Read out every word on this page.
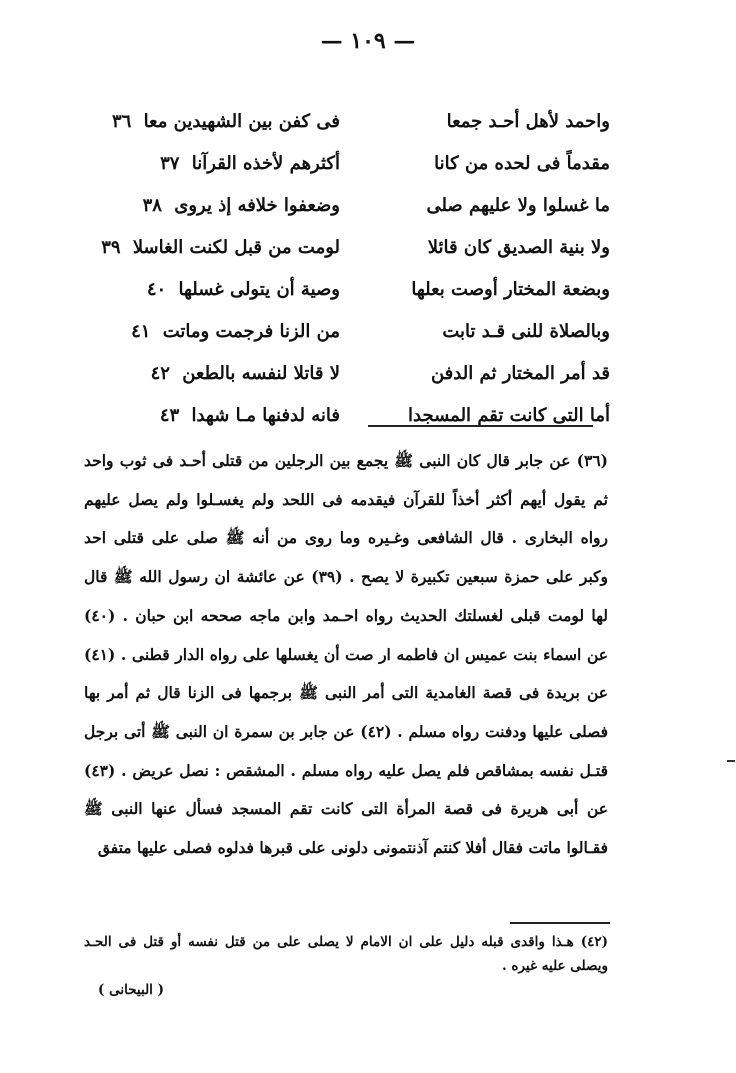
— ١٠٩ —
واحمد لأهل أحـد جمعا
فى كفن بين الشهيدين معا ٣٦
مقدماً فى لحده من كانا
أكثرهم لأخذه القرآنا ٣٧
ما غسلوا ولا عليهم صلى
وضعفوا خلافه إذ يروى ٣٨
ولا بنية الصديق كان قائلا
لومت من قبل لكنت الغاسلا ٣٩
وبضعة المختار أوصت بعلها
وصية أن يتولى غسلها ٤٠
وبالصلاة للنى قـد تابت
من الزنا فرجمت وماتت ٤١
قد أمر المختار ثم الدفن
لا قاتلا لنفسه بالطعن ٤٢
أما التى كانت تقم المسجدا
فانه لدفنها مـا شهدا ٤٣

(٣٦) عن جابر قال كان النبى ﷺ يجمع بين الرجلين من قتلى أحـد فى ثوب واحد ثم يقول أيهم أكثر أخذاً للقرآن فيقدمه فى اللحد ولم يغسـلوا ولم يصل عليهم رواه البخارى . قال الشافعى وغـيره وما روى من أنه ﷺ صلى على قتلى احد وكبر على حمزة سبعين تكبيرة لا يصح . (٣٩) عن عائشة ان رسول الله ﷺ قال لها لومت قبلى لغسلتك الحديث رواه احـمد وابن ماجه صححه ابن حبان . (٤٠) عن اسماء بنت عميس ان فاطمه ار صت أن يغسلها على رواه الدار قطنى . (٤١) عن بريدة فى قصة الغامدية التى أمر النبى ﷺ برجمها فى الزنا قال ثم أمر بها فصلى عليها ودفنت رواه مسلم . (٤٢) عن جابر بن سمرة ان النبى ﷺ أتى برجل قتـل نفسه بمشاقص فلم يصل عليه رواه مسلم . المشقص : نصل عريض . (٤٣) عن أبى هريرة فى قصة المرأة التى كانت تقم المسجد فسأل عنها النبى ﷺ فقـالوا ماتت فقال أفلا كنتم آذنتمونى دلونى على قبرها فدلوه فصلى عليها متفق

(٤٢) هـذا واقدى قبله دليل على ان الامام لا يصلى على من قتل نفسه أو قتل فى الحـد ويصلى عليه غيره .

( البيحانى )
